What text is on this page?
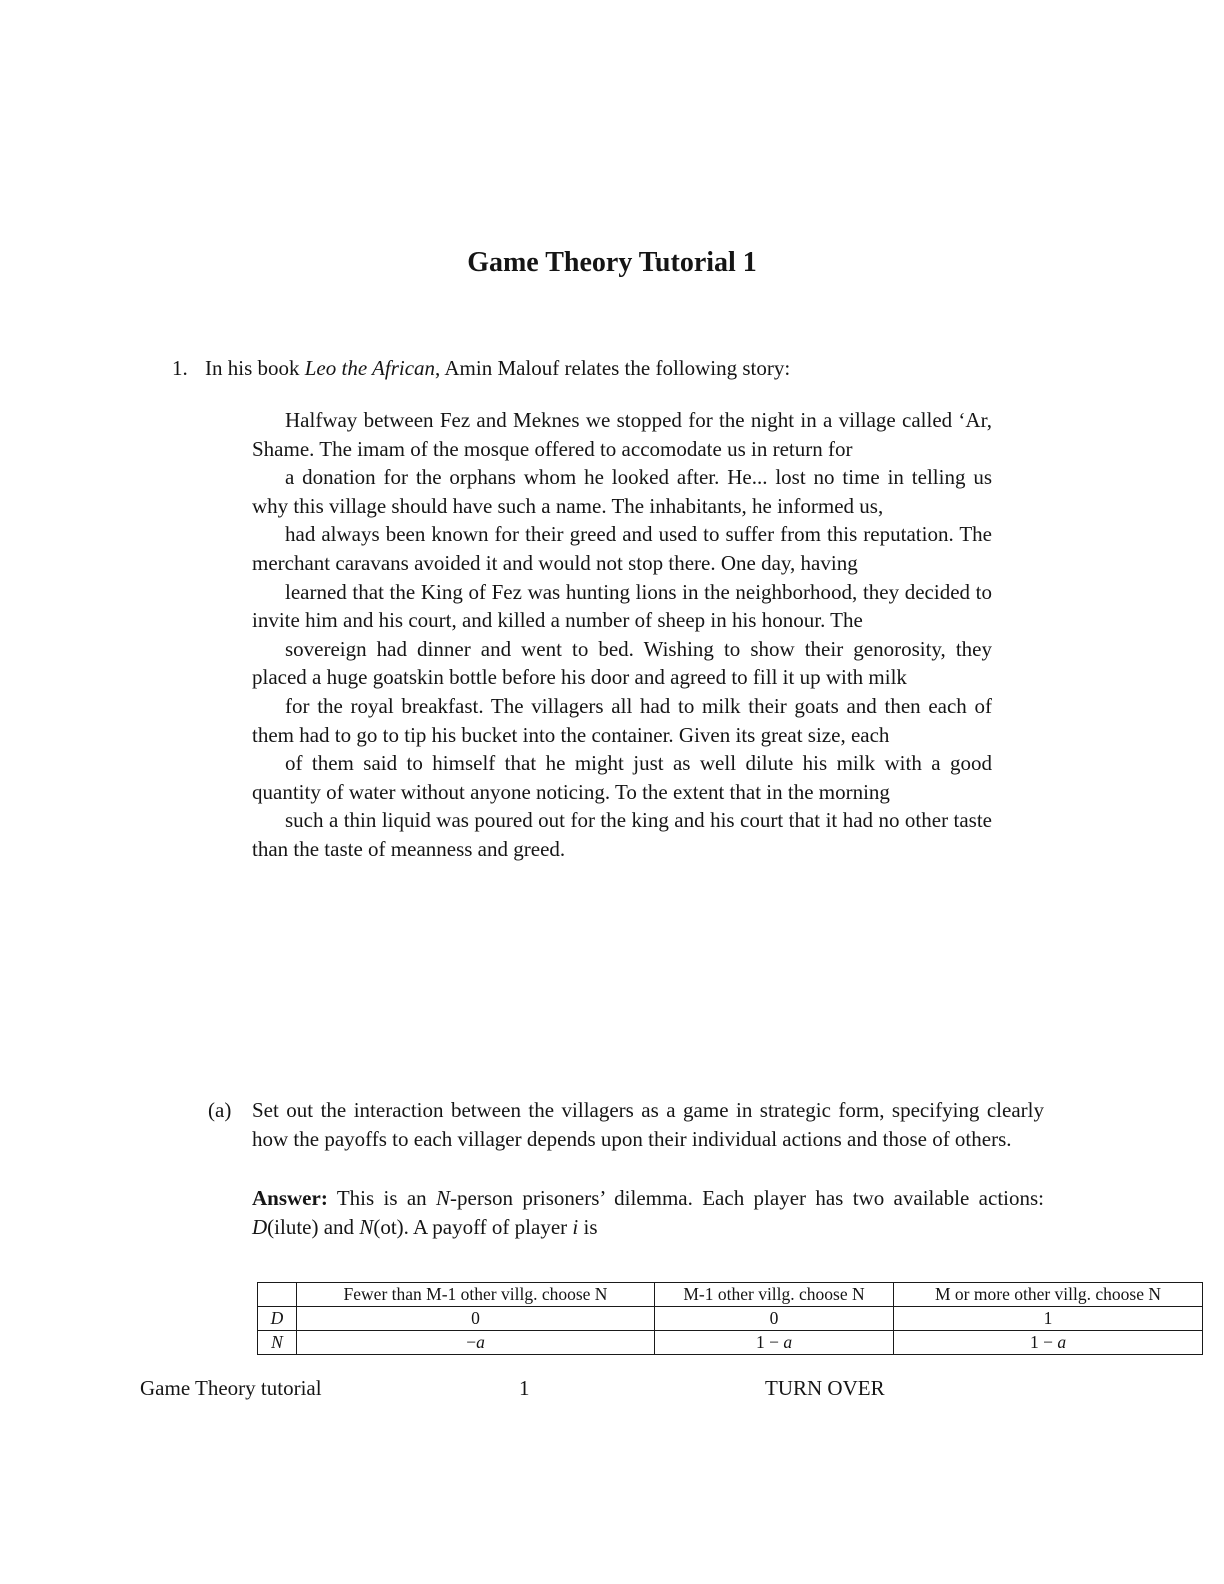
Game Theory Tutorial 1
1. In his book Leo the African, Amin Malouf relates the following story:

Halfway between Fez and Meknes we stopped for the night in a village called ‘Ar, Shame. The imam of the mosque offered to accomodate us in return for

a donation for the orphans whom he looked after. He... lost no time in telling us why this village should have such a name. The inhabitants, he informed us,

had always been known for their greed and used to suffer from this reputation. The merchant caravans avoided it and would not stop there. One day, having

learned that the King of Fez was hunting lions in the neighborhood, they decided to invite him and his court, and killed a number of sheep in his honour. The

sovereign had dinner and went to bed. Wishing to show their genorosity, they placed a huge goatskin bottle before his door and agreed to fill it up with milk

for the royal breakfast. The villagers all had to milk their goats and then each of them had to go to tip his bucket into the container. Given its great size, each

of them said to himself that he might just as well dilute his milk with a good quantity of water without anyone noticing. To the extent that in the morning

such a thin liquid was poured out for the king and his court that it had no other taste than the taste of meanness and greed.

(a) Set out the interaction between the villagers as a game in strategic form, specifying clearly how the payoffs to each villager depends upon their individual actions and those of others.

Answer: This is an N-person prisoners’ dilemma. Each player has two available actions: D(ilute) and N(ot). A payoff of player i is

	Fewer than M-1 other villg. choose N	M-1 other villg. choose N	M or more other villg. choose N
D	0	0	1
N	−a	1 − a	1 − a
Game Theory tutorial	1	TURN OVER
